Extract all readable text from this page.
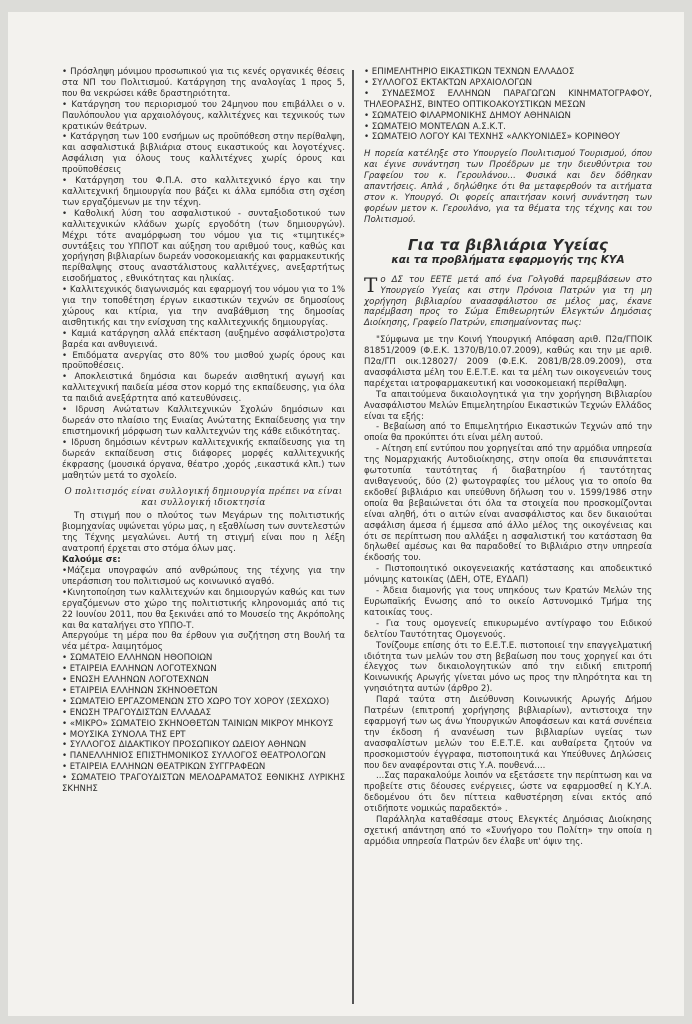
• Πρόσληψη μόνιμου προσωπικού για τις κενές οργανικές θέσεις στα ΝΠ του Πολιτισμού. Κατάργηση της αναλογίας 1 προς 5, που θα νεκρώσει κάθε δραστηριότητα.

• Κατάργηση του περιορισμού του 24μηνου που επιβάλλει ο ν. Παυλόπουλου για αρχαιολόγους, καλλιτέχνες και τεχνικούς των κρατικών θεάτρων.

• Κατάργηση των 100 ενσήμων ως προϋπόθεση στην περίθαλψη, και ασφαλιστικά βιβλιάρια στους εικαστικούς και λογοτέχνες. Ασφάλιση για όλους τους καλλιτέχνες χωρίς όρους και προϋποθέσεις

• Κατάργηση του Φ.Π.Α. στο καλλιτεχνικό έργο και την καλλιτεχνική δημιουργία που βάζει κι άλλα εμπόδια στη σχέση των εργαζόμενων με την τέχνη.

• Καθολική λύση του ασφαλιστικού - συνταξιοδοτικού των καλλιτεχνικών κλάδων χωρίς εργοδότη (των δημιουργών). Μέχρι τότε αναμόρφωση του νόμου για τις «τιμητικές» συντάξεις του ΥΠΠΟΤ και αύξηση του αριθμού τους, καθώς και χορήγηση βιβλιαρίων δωρεάν νοσοκομειακής και φαρμακευτικής περίθαλψης στους αναστάλιστους καλλιτέχνες, ανεξαρτήτως εισοδήματος , εθνικότητας και ηλικίας.

• Καλλιτεχνικός διαγωνισμός και εφαρμογή του νόμου για το 1% για την τοποθέτηση έργων εικαστικών τεχνών σε δημοσίους χώρους και κτίρια, για την αναβάθμιση της δημοσίας αισθητικής και την ενίσχυση της καλλιτεχνικής δημιουργίας.

• Καμιά κατάργηση αλλά επέκταση (αυξημένο ασφάλιστρο)στα βαρέα και ανθυγιεινά.

• Επιδόματα ανεργίας στο 80% του μισθού χωρίς όρους και προϋποθέσεις.

• Αποκλειστικά δημόσια και δωρεάν αισθητική αγωγή και καλλιτεχνική παιδεία μέσα στον κορμό της εκπαίδευσης, για όλα τα παιδιά ανεξάρτητα από κατευθύνσεις.

• Ιδρυση Ανώτατων Καλλιτεχνικών Σχολών δημόσιων και δωρεάν στο πλαίσιο της Ενιαίας Ανώτατης Εκπαίδευσης για την επιστημονική μόρφωση των καλλιτεχνών της κάθε ειδικότητας.

• Ιδρυση δημόσιων κέντρων καλλιτεχνικής εκπαίδευσης για τη δωρεάν εκπαίδευση στις διάφορες μορφές καλλιτεχνικής έκφρασης (μουσικά όργανα, θέατρο ,χορός ,εικαστικά κλπ.) των μαθητών μετά το σχολείο.

Ο πολιτισμός είναι συλλογική δημιουργία πρέπει να είναι και συλλογική ιδιοκτησία

Τη στιγμή που ο πλούτος των Μεγάρων της πολιτιστικής βιομηχανίας υψώνεται γύρω μας, η εξαθλίωση των συντελεστών της Τέχνης μεγαλώνει. Αυτή τη στιγμή είναι που η λέξη ανατροπή έρχεται στο στόμα όλων μας.

Καλούμε σε:

•Μάζεμα υπογραφών από ανθρώπους της τέχνης για την υπεράσπιση του πολιτισμού ως κοινωνικό αγαθό.

•Κινητοποίηση των καλλιτεχνών και δημιουργών καθώς και των εργαζόμενων στο χώρο της πολιτιστικής κληρονομιάς από τις 22 Ιουνίου 2011, που θα ξεκινάει από το Μουσείο της Ακρόπολης και θα καταλήγει στο ΥΠΠΟ-Τ.

Απεργούμε τη μέρα που θα έρθουν για συζήτηση στη Βουλή τα νέα μέτρα- λαιμητόμος

• ΣΩΜΑΤΕΙΟ ΕΛΛΗΝΩΝ ΗΘΟΠΟΙΩΝ
• ΕΤΑΙΡΕΙΑ ΕΛΛΗΝΩΝ ΛΟΓΟΤΕΧΝΩΝ
• ΕΝΩΣΗ ΕΛΛΗΝΩΝ ΛΟΓΟΤΕΧΝΩΝ
• ΕΤΑΙΡΕΙΑ ΕΛΛΗΝΩΝ ΣΚΗΝΟΘΕΤΩΝ
• ΣΩΜΑΤΕΙΟ ΕΡΓΑΖΟΜΕΝΩΝ ΣΤΟ ΧΩΡΟ ΤΟΥ ΧΟΡΟΥ (ΣΕΧΩΧΟ)
• ΕΝΩΣΗ ΤΡΑΓΟΥΔΙΣΤΩΝ ΕΛΛΑΔΑΣ
• «ΜΙΚΡΟ» ΣΩΜΑΤΕΙΟ ΣΚΗΝΟΘΕΤΩΝ ΤΑΙΝΙΩΝ ΜΙΚΡΟΥ ΜΗΚΟΥΣ
• ΜΟΥΣΙΚΑ ΣΥΝΟΛΑ ΤΗΣ ΕΡΤ
• ΣΥΛΛΟΓΟΣ ΔΙΔΑΚΤΙΚΟΥ ΠΡΟΣΩΠΙΚΟΥ ΩΔΕΙΟΥ ΑΘΗΝΩΝ
• ΠΑΝΕΛΛΗΝΙΟΣ ΕΠΙΣΤΗΜΟΝΙΚΟΣ ΣΥΛΛΟΓΟΣ ΘΕΑΤΡΟΛΟΓΩΝ
• ΕΤΑΙΡΕΙΑ ΕΛΛΗΝΩΝ ΘΕΑΤΡΙΚΩΝ ΣΥΓΓΡΑΦΕΩΝ
• ΣΩΜΑΤΕΙΟ ΤΡΑΓΟΥΔΙΣΤΩΝ ΜΕΛΟΔΡΑΜΑΤΟΣ ΕΘΝΙΚΗΣ ΛΥΡΙΚΗΣ ΣΚΗΝΗΣ
• ΕΠΙΜΕΛΗΤΗΡΙΟ ΕΙΚΑΣΤΙΚΩΝ ΤΕΧΝΩΝ ΕΛΛΑΔΟΣ
• ΣΥΛΛΟΓΟΣ ΕΚΤΑΚΤΩΝ ΑΡΧΑΙΟΛΟΓΩΝ
• ΣΥΝΔΕΣΜΟΣ ΕΛΛΗΝΩΝ ΠΑΡΑΓΩΓΩΝ ΚΙΝΗΜΑΤΟΓΡΑΦΟΥ, ΤΗΛΕΟΡΑΣΗΣ, ΒΙΝΤΕΟ ΟΠΤΙΚΟΑΚΟΥΣΤΙΚΩΝ ΜΕΣΩΝ
• ΣΩΜΑΤΕΙΟ ΦΙΛΑΡΜΟΝΙΚΗΣ ΔΗΜΟΥ ΑΘΗΝΑΙΩΝ
• ΣΩΜΑΤΕΙΟ ΜΟΝΤΕΛΩΝ Α.Σ.Κ.Τ.
• ΣΩΜΑΤΕΙΟ ΛΟΓΟΥ ΚΑΙ ΤΕΧΝΗΣ «ΑΛΚΥΟΝΙΔΕΣ» ΚΟΡΙΝΘΟΥ

Η πορεία κατέληξε στο Υπουργείο Πουλιτισμού Τουρισμού, όπου και έγινε συνάντηση των Προέδρων με την διευθύντρια του Γραφείου του κ. Γερουλάνου... Φυσικά και δεν δόθηκαν απαντήσεις. Απλά , δηλώθηκε ότι θα μεταφερθούν τα αιτήματα στον κ. Υπουργό. Οι φορείς απαιτήσαν κοινή συνάντηση των φορέων μετον κ. Γερουλάνο, για τα θέματα της τέχνης και του Πολιτισμού.

Για τα βιβλιάρια Υγείας
και τα προβλήματα εφαρμογής της ΚΥΑ

Το ΔΣ του ΕΕΤΕ μετά από ένα Γολγοθά παρεμβάσεων στο Υπουργείο Υγείας και στην Πρόνοια Πατρών για τη μη χορήγηση βιβλιαρίου αναασφάλιστου σε μέλος μας, έκανε παρέμβαση προς το Σώμα Επιθεωρητών Ελεγκτών Δημόσιας Διοίκησης, Γραφείο Πατρών, επισημαίνοντας πως:

"Σύμφωνα με την Κοινή Υπουργική Απόφαση αριθ. Π2α/ΓΠΟΙΚ 81851/2009 (Φ.Ε.Κ. 1370/Β/10.07.2009), καθώς και την με αριθ. Π2α/ΓΠ οικ.128027/ 2009 (Φ.Ε.Κ. 2081/Β/28.09.2009), στα ανασφάλιστα μέλη του Ε.Ε.Τ.Ε. και τα μέλη των οικογενειών τους παρέχεται ιατροφαρμακευτική και νοσοκομειακή περίθαλψη.

Τα απαιτούμενα δικαιολογητικά για την χορήγηση Βιβλιαρίου Ανασφάλιστου Μελών Επιμελητηρίου Εικαστικών Τεχνών Ελλάδος είναι τα εξής:

- Βεβαίωση από το Επιμελητήριο Εικαστικών Τεχνών από την οποία θα προκύπτει ότι είναι μέλη αυτού.

- Αίτηση επί εντύπου που χορηγείται από την αρμόδια υπηρεσία της Νομαρχιακής Αυτοδιοίκησης, στην οποία θα επισυνάπτεται φωτοτυπία ταυτότητας ή διαβατηρίου ή ταυτότητας ανιθαγενούς, δύο (2) φωτογραφίες του μέλους για το οποίο θα εκδοθεί βιβλιάριο και υπεύθυνη δήλωση του ν. 1599/1986 στην οποία θα βεβαιώνεται ότι όλα τα στοιχεία που προσκομίζονται είναι αληθή, ότι ο αιτών είναι ανασφάλιστος και δεν δικαιούται ασφάλιση άμεσα ή έμμεσα από άλλο μέλος της οικογένειας και ότι σε περίπτωση που αλλάξει η ασφαλιστική του κατάσταση θα δηλωθεί αμέσως και θα παραδοθεί το Βιβλιάριο στην υπηρεσία έκδοσής του.

- Πιστοποιητικό οικογενειακής κατάστασης και αποδεικτικό μόνιμης κατοικίας (ΔΕΗ, ΟΤΕ, ΕΥΔΑΠ)

- Άδεια διαμονής για τους υπηκόους των Κρατών Μελών της Ευρωπαϊκής Ενωσης από το οικείο Αστυνομικό Τμήμα της κατοικίας τους.

- Για τους ομογενείς επικυρωμένο αντίγραφο του Ειδικού δελτίου Ταυτότητας Ομογενούς.

Τονίζουμε επίσης ότι το Ε.Ε.Τ.Ε. πιστοποιεί την επαγγελματική ιδιότητα των μελών του στη βεβαίωση που τους χορηγεί και ότι έλεγχος των δικαιολογητικών από την ειδική επιτροπή Κοινωνικής Αρωγής γίνεται μόνο ως προς την πληρότητα και τη γνησιότητα αυτών (άρθρο 2).

Παρά ταύτα στη Διεύθυνση Κοινωνικής Αρωγής Δήμου Πατρέων (επιτροπή χορήγησης βιβλιαρίων), αντιστοιχα την εφαρμογή των ως άνω Υπουργικών Αποφάσεων και κατά συνέπεια την έκδοση ή ανανέωση των βιβλιαρίων υγείας των ανασφαλίστων μελών του Ε.Ε.Τ.Ε. και αυθαίρετα ζητούν να προσκομιστούν έγγραφα, πιστοποιητικά και Υπεύθυνες Δηλώσεις που δεν αναφέρονται στις Υ.Α. πουθενά....

...Σας παρακαλούμε λοιπόν να εξετάσετε την περίπτωση και να προβείτε στις δέουσες ενέργειες, ώστε να εφαρμοσθεί η Κ.Υ.Α. δεδομένου ότι δεν πίττεια καθυστέρηση είναι εκτός από οτιδήποτε νομικώς παραδεκτό» .

Παράλληλα καταθέσαμε στους Ελεγκτές Δημόσιας Διοίκησης σχετική απάντηση από το «Συνήγορο του Πολίτη» την οποία η αρμόδια υπηρεσία Πατρών δεν έλαβε υπ' όψιν της.
